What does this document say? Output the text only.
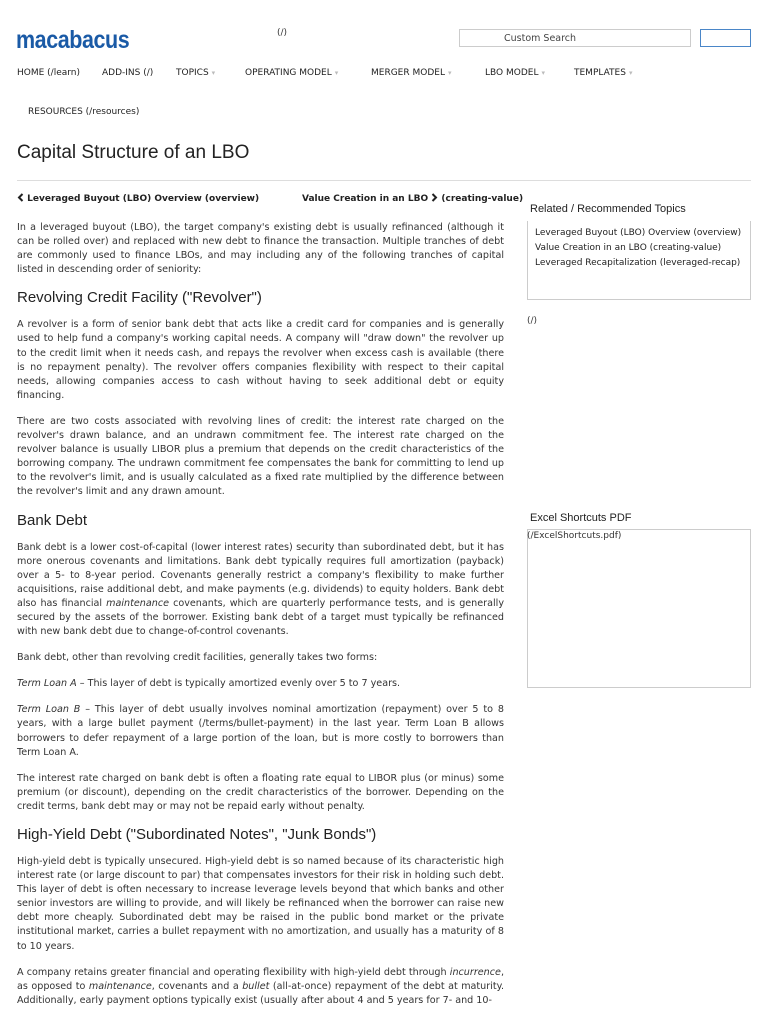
macabacus	(/)	Custom Search
HOME (/learn) ADD-INS (/)	TOPICS ▾	OPERATING MODEL ▾	MERGER MODEL ▾	LBO MODEL ▾	TEMPLATES ▾
RESOURCES (/resources)
Capital Structure of an LBO
Leveraged Buyout (LBO) Overview (overview)	Value Creation in an LBO (creating-value)

In a leveraged buyout (LBO), the target company's existing debt is usually refinanced (although it can be rolled over) and replaced with new debt to finance the transaction. Multiple tranches of debt are commonly used to finance LBOs, and may including any of the following tranches of capital listed in descending order of seniority:

Revolving Credit Facility ("Revolver")

A revolver is a form of senior bank debt that acts like a credit card for companies and is generally used to help fund a company's working capital needs. A company will "draw down" the revolver up to the credit limit when it needs cash, and repays the revolver when excess cash is available (there is no repayment penalty). The revolver offers companies flexibility with respect to their capital needs, allowing companies access to cash without having to seek additional debt or equity financing.

There are two costs associated with revolving lines of credit: the interest rate charged on the revolver's drawn balance, and an undrawn commitment fee. The interest rate charged on the revolver balance is usually LIBOR plus a premium that depends on the credit characteristics of the borrowing company. The undrawn commitment fee compensates the bank for committing to lend up to the revolver's limit, and is usually calculated as a fixed rate multiplied by the difference between the revolver's limit and any drawn amount.

Bank Debt

Bank debt is a lower cost-of-capital (lower interest rates) security than subordinated debt, but it has more onerous covenants and limitations. Bank debt typically requires full amortization (payback) over a 5- to 8-year period. Covenants generally restrict a company's flexibility to make further acquisitions, raise additional debt, and make payments (e.g. dividends) to equity holders. Bank debt also has financial maintenance covenants, which are quarterly performance tests, and is generally secured by the assets of the borrower. Existing bank debt of a target must typically be refinanced with new bank debt due to change-of-control covenants.

Bank debt, other than revolving credit facilities, generally takes two forms:

Term Loan A – This layer of debt is typically amortized evenly over 5 to 7 years.

Term Loan B – This layer of debt usually involves nominal amortization (repayment) over 5 to 8 years, with a large bullet payment (/terms/bullet-payment) in the last year. Term Loan B allows borrowers to defer repayment of a large portion of the loan, but is more costly to borrowers than Term Loan A.

The interest rate charged on bank debt is often a floating rate equal to LIBOR plus (or minus) some premium (or discount), depending on the credit characteristics of the borrower. Depending on the credit terms, bank debt may or may not be repaid early without penalty.

High-Yield Debt ("Subordinated Notes", "Junk Bonds")

High-yield debt is typically unsecured. High-yield debt is so named because of its characteristic high interest rate (or large discount to par) that compensates investors for their risk in holding such debt. This layer of debt is often necessary to increase leverage levels beyond that which banks and other senior investors are willing to provide, and will likely be refinanced when the borrower can raise new debt more cheaply. Subordinated debt may be raised in the public bond market or the private institutional market, carries a bullet repayment with no amortization, and usually has a maturity of 8 to 10 years.

A company retains greater financial and operating flexibility with high-yield debt through incurrence, as opposed to maintenance, covenants and a bullet (all-at-once) repayment of the debt at maturity. Additionally, early payment options typically exist (usually after about 4 and 5 years for 7- and 10-

Related / Recommended Topics
Leveraged Buyout (LBO) Overview (overview)
Value Creation in an LBO (creating-value)
Leveraged Recapitalization (leveraged-recap)
(/)
Excel Shortcuts PDF
(/ExcelShortcuts.pdf)
